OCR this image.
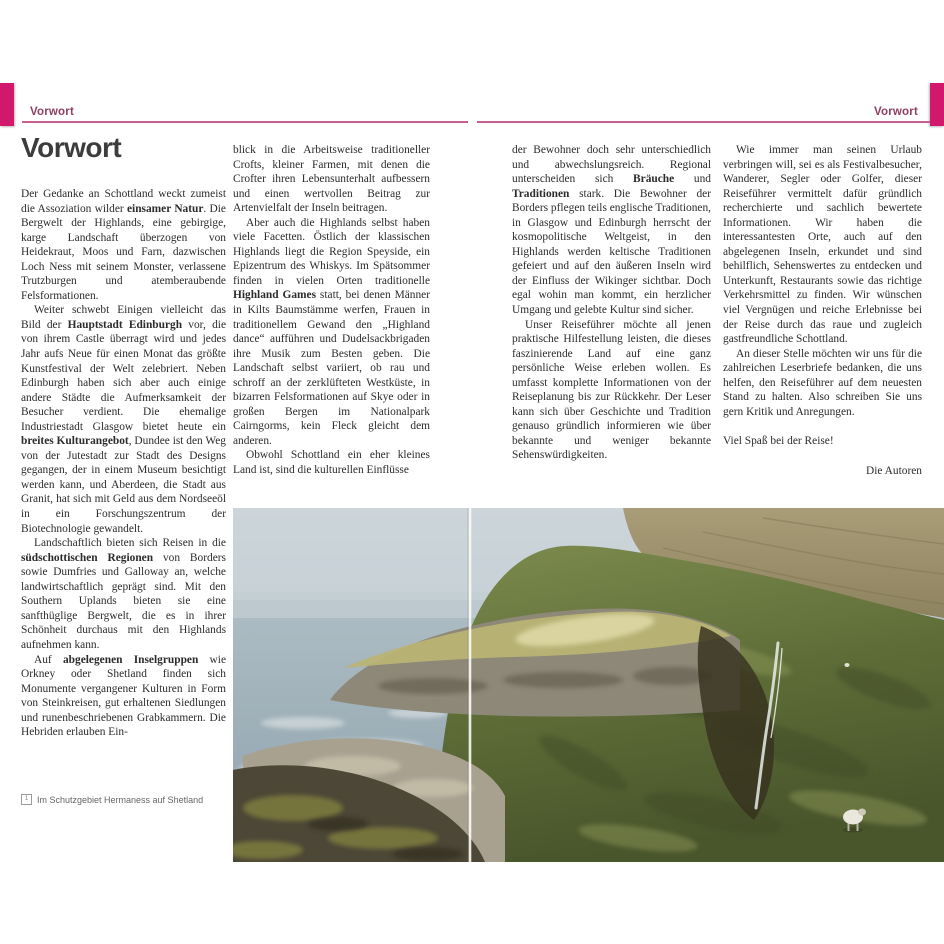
Vorwort	Vorwort
Vorwort

Der Gedanke an Schottland weckt zumeist die Assoziation wilder einsamer Natur. Die Bergwelt der Highlands, eine gebirgige, karge Landschaft überzogen von Heidekraut, Moos und Farn, dazwischen Loch Ness mit seinem Monster, verlassene Trutzburgen und atemberaubende Felsformationen.

Weiter schwebt Einigen vielleicht das Bild der Hauptstadt Edinburgh vor, die von ihrem Castle überragt wird und jedes Jahr aufs Neue für einen Monat das größte Kunstfestival der Welt zelebriert. Neben Edinburgh haben sich aber auch einige andere Städte die Aufmerksamkeit der Besucher verdient. Die ehemalige Industriestadt Glasgow bietet heute ein breites Kulturangebot, Dundee ist den Weg von der Jutestadt zur Stadt des Designs gegangen, der in einem Museum besichtigt werden kann, und Aberdeen, die Stadt aus Granit, hat sich mit Geld aus dem Nordseeöl in ein Forschungszentrum der Biotechnologie gewandelt.

Landschaftlich bieten sich Reisen in die südschottischen Regionen von Borders sowie Dumfries und Galloway an, welche landwirtschaftlich geprägt sind. Mit den Southern Uplands bieten sie eine sanfthüglige Bergwelt, die es in ihrer Schönheit durchaus mit den Highlands aufnehmen kann.

Auf abgelegenen Inselgruppen wie Orkney oder Shetland finden sich Monumente vergangener Kulturen in Form von Steinkreisen, gut erhaltenen Siedlungen und runenbeschriebenen Grabkammern. Die Hebriden erlauben Ein-

blick in die Arbeitsweise traditioneller Crofts, kleiner Farmen, mit denen die Crofter ihren Lebensunterhalt aufbessern und einen wertvollen Beitrag zur Artenvielfalt der Inseln beitragen.

Aber auch die Highlands selbst haben viele Facetten. Östlich der klassischen Highlands liegt die Region Speyside, ein Epizentrum des Whiskys. Im Spätsommer finden in vielen Orten traditionelle Highland Games statt, bei denen Männer in Kilts Baumstämme werfen, Frauen in traditionellem Gewand den „Highland dance“ aufführen und Dudelsackbrigaden ihre Musik zum Besten geben. Die Landschaft selbst variiert, ob rau und schroff an der zerklüfteten Westküste, in bizarren Felsformationen auf Skye oder in großen Bergen im Nationalpark Cairngorms, kein Fleck gleicht dem anderen.

Obwohl Schottland ein eher kleines Land ist, sind die kulturellen Einflüsse

der Bewohner doch sehr unterschiedlich und abwechslungsreich. Regional unterscheiden sich Bräuche und Traditionen stark. Die Bewohner der Borders pflegen teils englische Traditionen, in Glasgow und Edinburgh herrscht der kosmopolitische Weltgeist, in den Highlands werden keltische Traditionen gefeiert und auf den äußeren Inseln wird der Einfluss der Wikinger sichtbar. Doch egal wohin man kommt, ein herzlicher Umgang und gelebte Kultur sind sicher.

Unser Reiseführer möchte all jenen praktische Hilfestellung leisten, die dieses faszinierende Land auf eine ganz persönliche Weise erleben wollen. Es umfasst komplette Informationen von der Reiseplanung bis zur Rückkehr. Der Leser kann sich über Geschichte und Tradition genauso gründlich informieren wie über bekannte und weniger bekannte Sehenswürdigkeiten.

Wie immer man seinen Urlaub verbringen will, sei es als Festivalbesucher, Wanderer, Segler oder Golfer, dieser Reiseführer vermittelt dafür gründlich recherchierte und sachlich bewertete Informationen. Wir haben die interessantesten Orte, auch auf den abgelegenen Inseln, erkundet und sind behilflich, Sehenswertes zu entdecken und Unterkunft, Restaurants sowie das richtige Verkehrsmittel zu finden. Wir wünschen viel Vergnügen und reiche Erlebnisse bei der Reise durch das raue und zugleich gastfreundliche Schottland.

An dieser Stelle möchten wir uns für die zahlreichen Leserbriefe bedanken, die uns helfen, den Reiseführer auf dem neuesten Stand zu halten. Also schreiben Sie uns gern Kritik und Anregungen.

Viel Spaß bei der Reise!

Die Autoren

1 Im Schutzgebiet Hermaness auf Shetland
